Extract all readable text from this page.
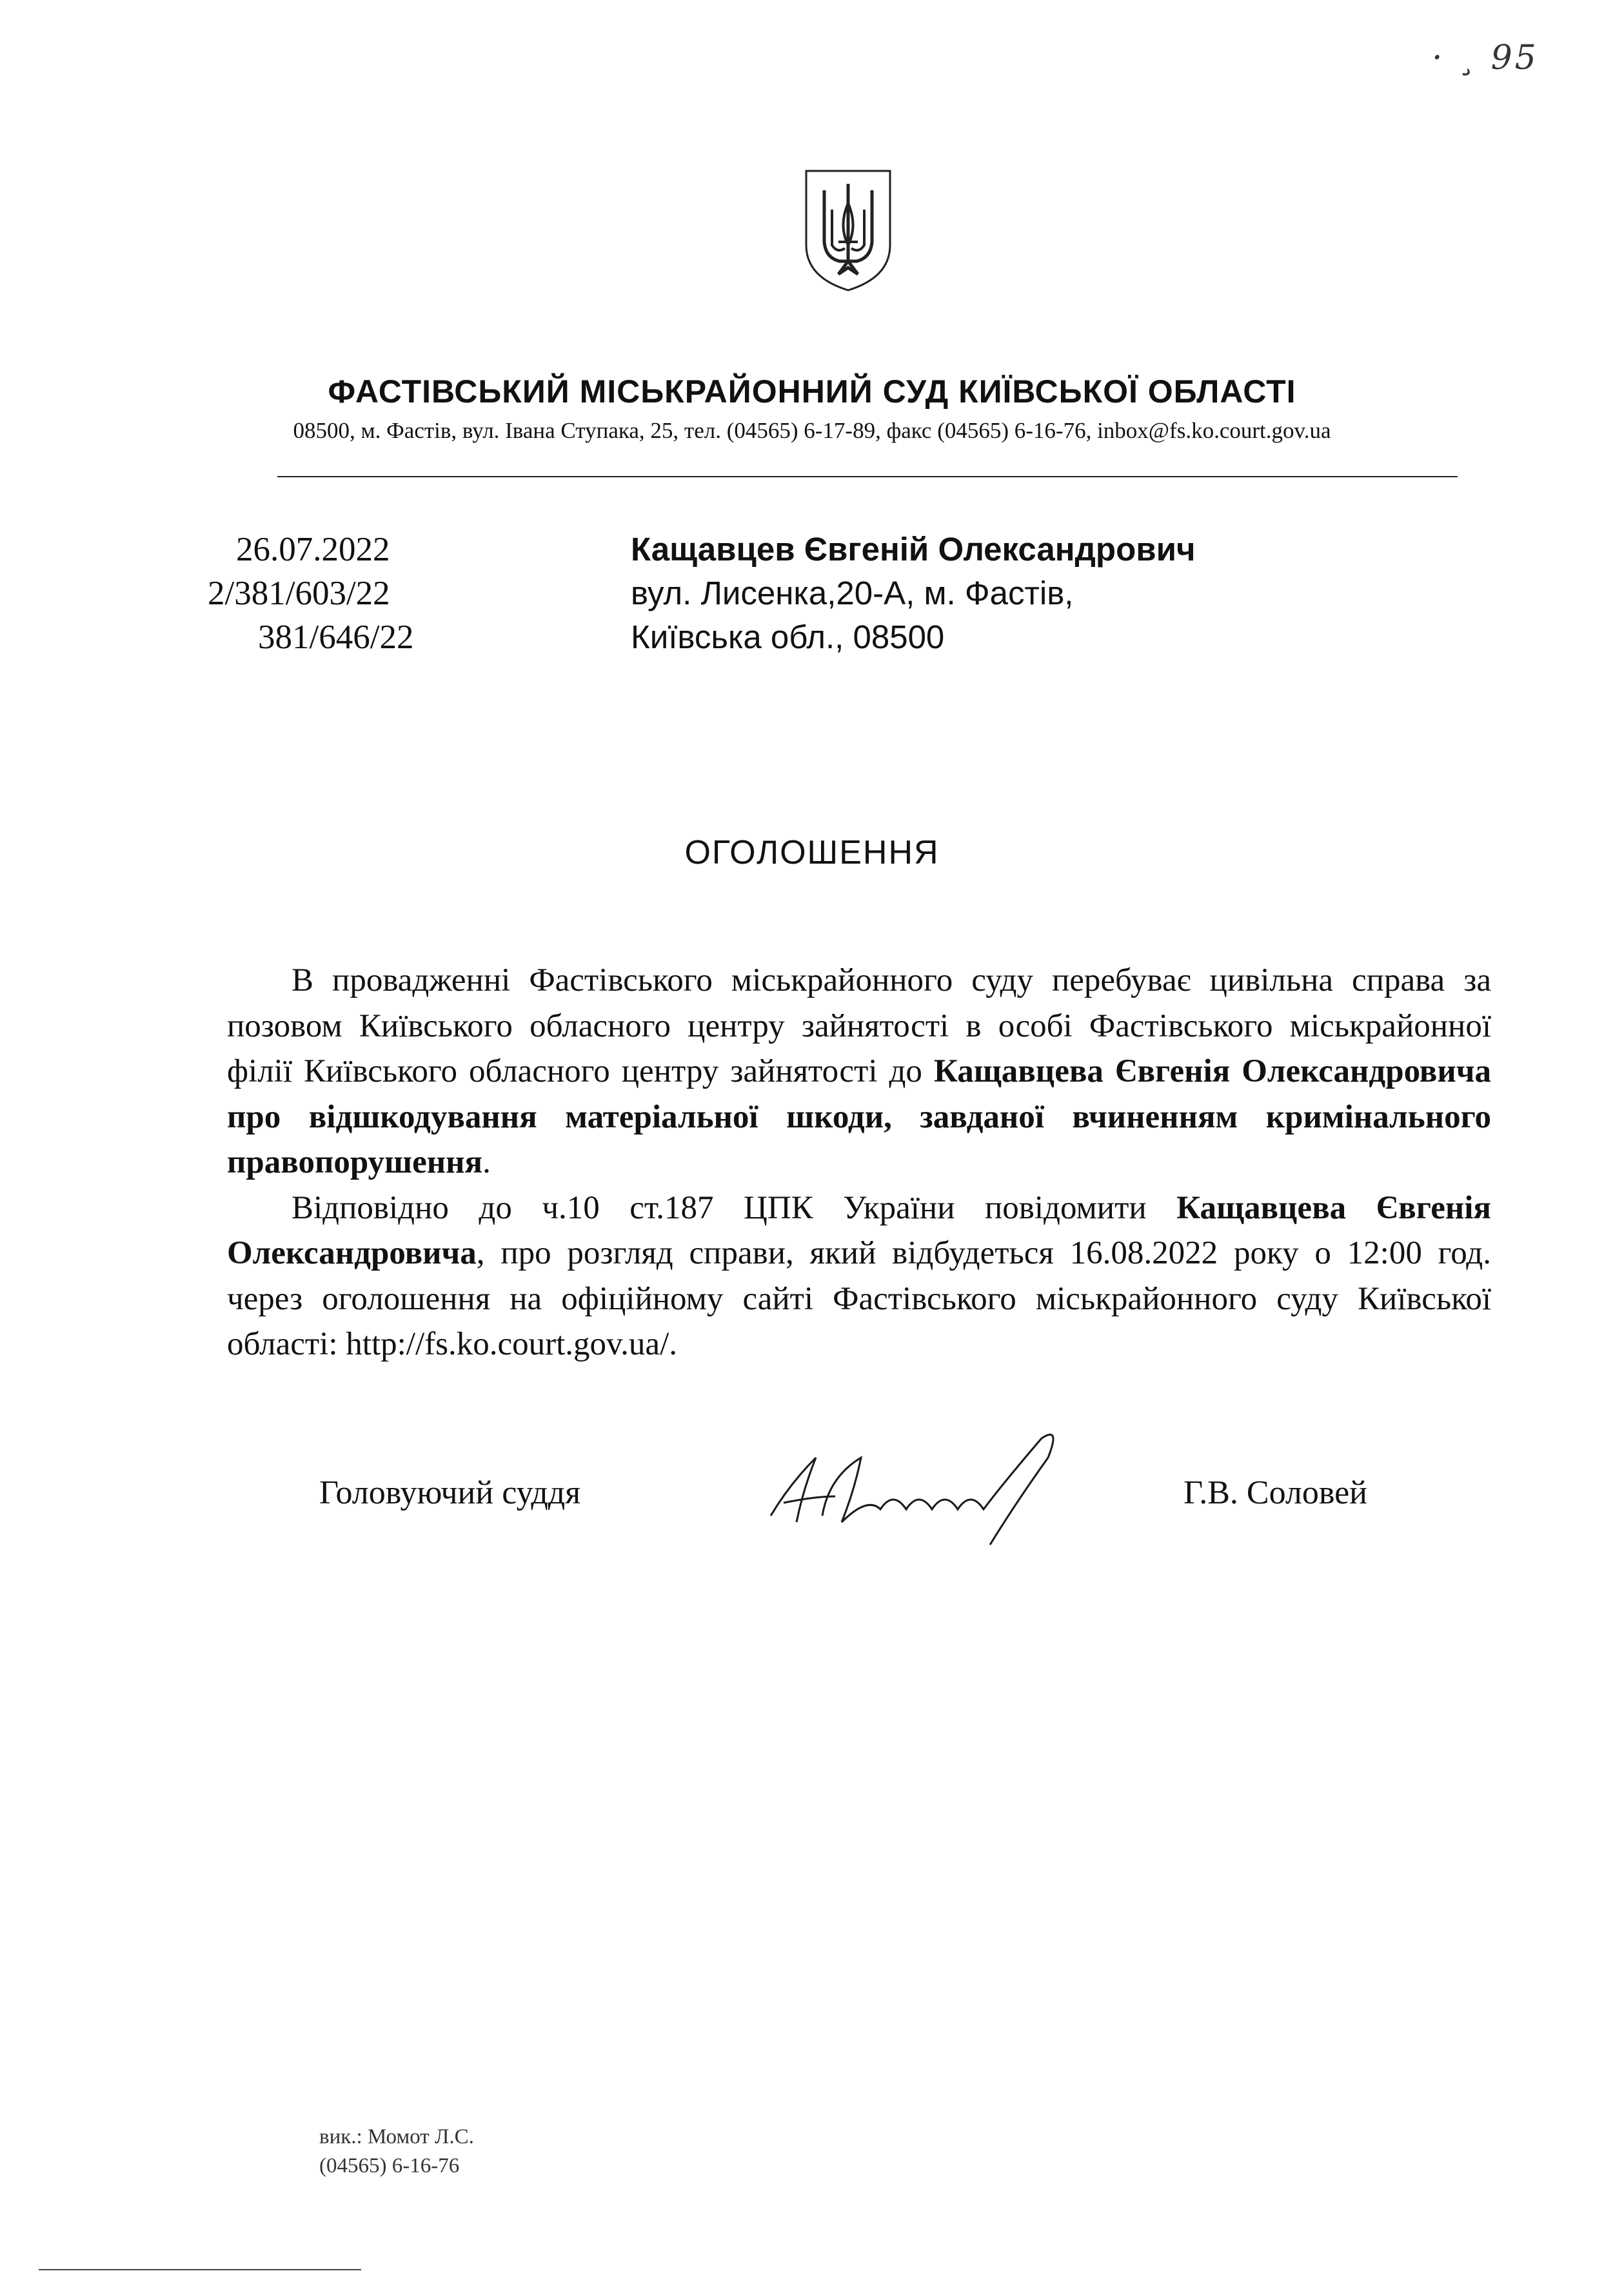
· ¸ 95
ФАСТІВСЬКИЙ МІСЬКРАЙОННИЙ СУД КИЇВСЬКОЇ ОБЛАСТІ
08500, м. Фастів, вул. Івана Ступака, 25, тел. (04565) 6-17-89, факс (04565) 6-16-76, inbox@fs.ko.court.gov.ua
26.07.2022
2/381/603/22
381/646/22
Кащавцев Євгеній Олександрович
вул. Лисенка,20-А, м. Фастів,
Київська обл., 08500
ОГОЛОШЕННЯ

В провадженні Фастівського міськрайонного суду перебуває цивільна справа за позовом Київського обласного центру зайнятості в особі Фастівського міськрайонної філії Київського обласного центру зайнятості до Кащавцева Євгенія Олександровича про відшкодування матеріальної шкоди, завданої вчиненням кримінального правопорушення.

Відповідно до ч.10 ст.187 ЦПК України повідомити Кащавцева Євгенія Олександровича, про розгляд справи, який відбудеться 16.08.2022 року о 12:00 год. через оголошення на офіційному сайті Фастівського міськрайонного суду Київської області: http://fs.ko.court.gov.ua/.

Головуючий суддя	Г.В. Соловей
вик.: Момот Л.С.
(04565) 6-16-76
